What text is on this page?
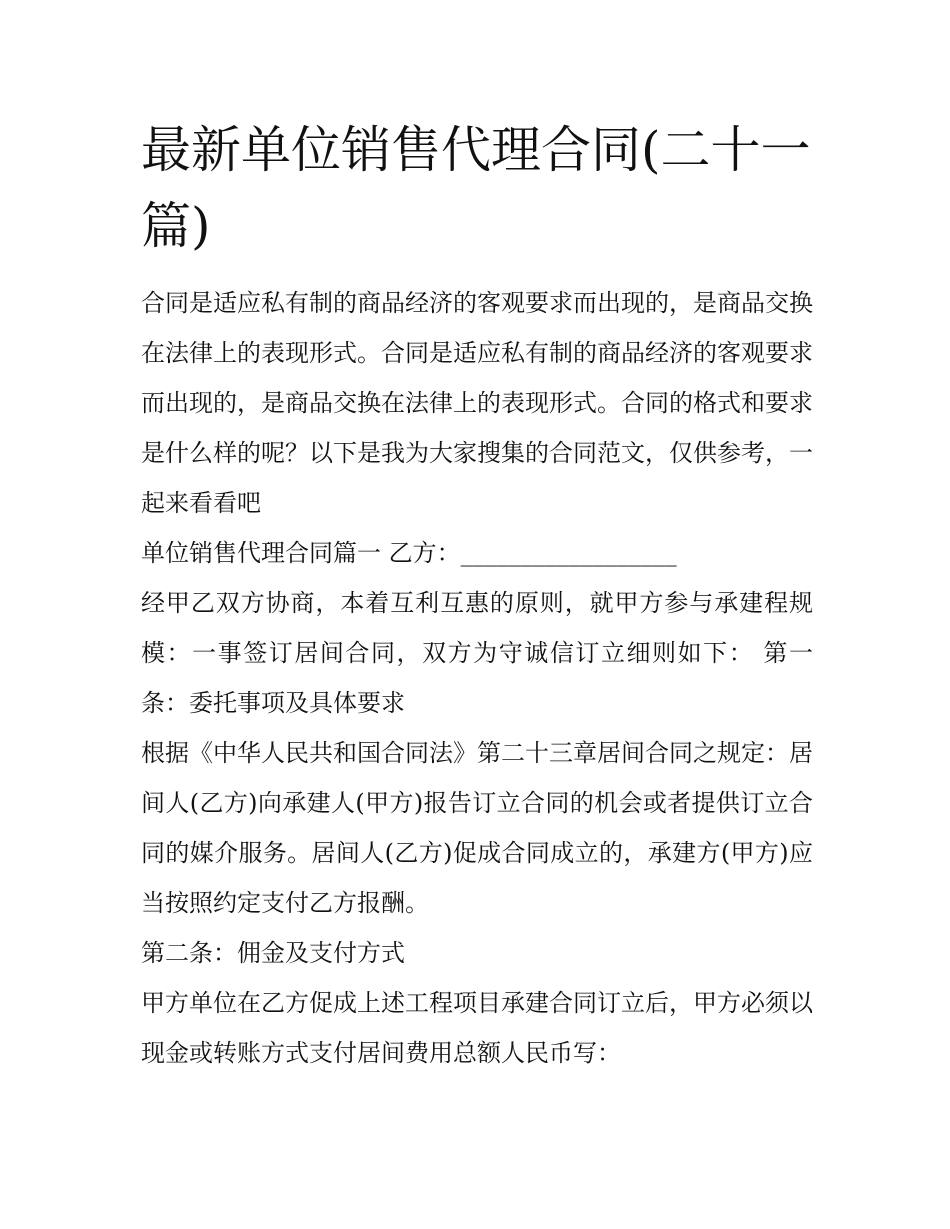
最新单位销售代理合同(二十一篇)

合同是适应私有制的商品经济的客观要求而出现的，是商品交换在法律上的表现形式。合同是适应私有制的商品经济的客观要求而出现的，是商品交换在法律上的表现形式。合同的格式和要求是什么样的呢？以下是我为大家搜集的合同范文，仅供参考，一起来看看吧

单位销售代理合同篇一 乙方：__________________

经甲乙双方协商，本着互利互惠的原则，就甲方参与承建程规模：一事签订居间合同，双方为守诚信订立细则如下： 第一条：委托事项及具体要求

根据《中华人民共和国合同法》第二十三章居间合同之规定：居间人(乙方)向承建人(甲方)报告订立合同的机会或者提供订立合同的媒介服务。居间人(乙方)促成合同成立的，承建方(甲方)应当按照约定支付乙方报酬。

第二条：佣金及支付方式

甲方单位在乙方促成上述工程项目承建合同订立后，甲方必须以现金或转账方式支付居间费用总额人民币写：
